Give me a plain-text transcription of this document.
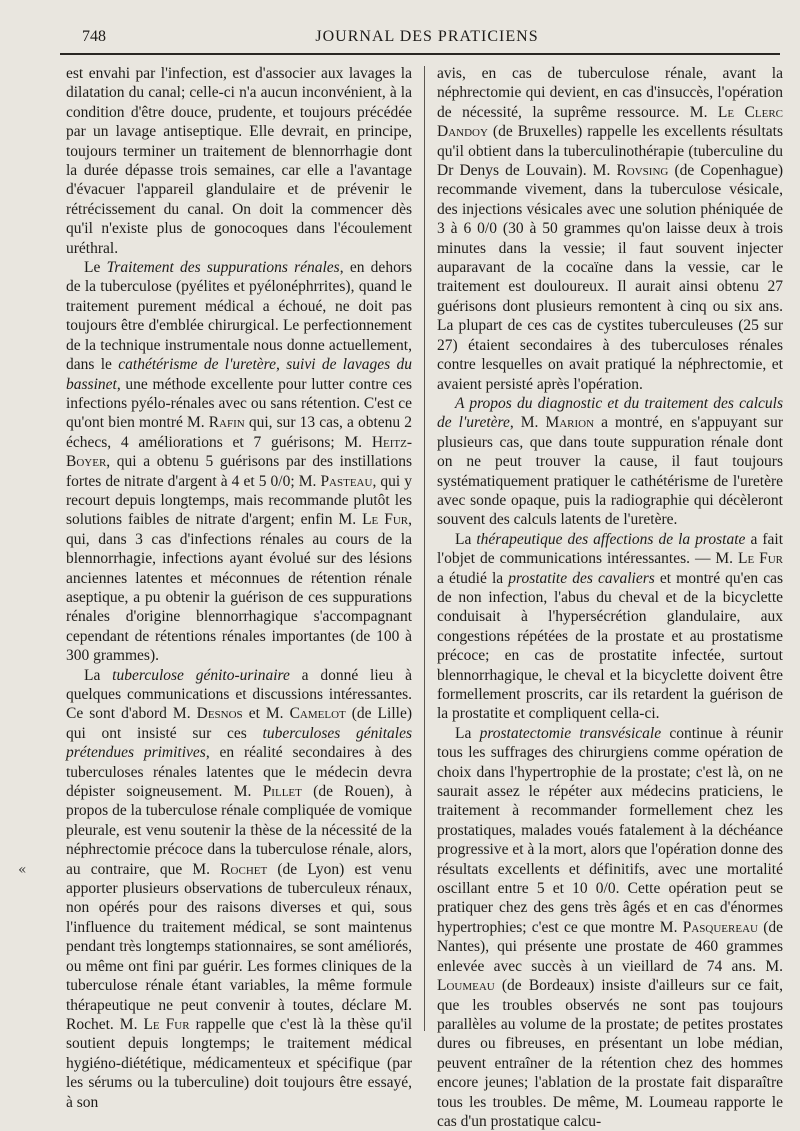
748	JOURNAL DES PRATICIENS
«

est envahi par l'infection, est d'associer aux lavages la dilatation du canal; celle-ci n'a aucun inconvénient, à la condition d'être douce, prudente, et toujours précédée par un lavage antiseptique. Elle devrait, en principe, toujours terminer un traitement de blennorrhagie dont la durée dépasse trois semaines, car elle a l'avantage d'évacuer l'appareil glandulaire et de prévenir le rétrécissement du canal. On doit la commencer dès qu'il n'existe plus de gonocoques dans l'écoulement uréthral.

Le Traitement des suppurations rénales, en dehors de la tuberculose (pyélites et pyélonéphrrites), quand le traitement purement médical a échoué, ne doit pas toujours être d'emblée chirurgical. Le perfectionnement de la technique instrumentale nous donne actuellement, dans le cathétérisme de l'uretère, suivi de lavages du bassinet, une méthode excellente pour lutter contre ces infections pyélo-rénales avec ou sans rétention. C'est ce qu'ont bien montré M. Rafin qui, sur 13 cas, a obtenu 2 échecs, 4 améliorations et 7 guérisons; M. Heitz-Boyer, qui a obtenu 5 guérisons par des instillations fortes de nitrate d'argent à 4 et 5 0/0; M. Pasteau, qui y recourt depuis longtemps, mais recommande plutôt les solutions faibles de nitrate d'argent; enfin M. Le Fur, qui, dans 3 cas d'infections rénales au cours de la blennorrhagie, infections ayant évolué sur des lésions anciennes latentes et méconnues de rétention rénale aseptique, a pu obtenir la guérison de ces suppurations rénales d'origine blennorrhagique s'accompagnant cependant de rétentions rénales importantes (de 100 à 300 grammes).

La tuberculose génito-urinaire a donné lieu à quelques communications et discussions intéressantes. Ce sont d'abord M. Desnos et M. Camelot (de Lille) qui ont insisté sur ces tuberculoses génitales prétendues primitives, en réalité secondaires à des tuberculoses rénales latentes que le médecin devra dépister soigneusement. M. Pillet (de Rouen), à propos de la tuberculose rénale compliquée de vomique pleurale, est venu soutenir la thèse de la nécessité de la néphrectomie précoce dans la tuberculose rénale, alors, au contraire, que M. Rochet (de Lyon) est venu apporter plusieurs observations de tuberculeux rénaux, non opérés pour des raisons diverses et qui, sous l'influence du traitement médical, se sont maintenus pendant très longtemps stationnaires, se sont améliorés, ou même ont fini par guérir. Les formes cliniques de la tuberculose rénale étant variables, la même formule thérapeutique ne peut convenir à toutes, déclare M. Rochet. M. Le Fur rappelle que c'est là la thèse qu'il soutient depuis longtemps; le traitement médical hygiéno-diététique, médicamenteux et spécifique (par les sérums ou la tuberculine) doit toujours être essayé, à son

avis, en cas de tuberculose rénale, avant la néphrectomie qui devient, en cas d'insuccès, l'opération de nécessité, la suprême ressource. M. Le Clerc Dandoy (de Bruxelles) rappelle les excellents résultats qu'il obtient dans la tuberculinothérapie (tuberculine du Dr Denys de Louvain). M. Rovsing (de Copenhague) recommande vivement, dans la tuberculose vésicale, des injections vésicales avec une solution phéniquée de 3 à 6 0/0 (30 à 50 grammes qu'on laisse deux à trois minutes dans la vessie; il faut souvent injecter auparavant de la cocaïne dans la vessie, car le traitement est douloureux. Il aurait ainsi obtenu 27 guérisons dont plusieurs remontent à cinq ou six ans. La plupart de ces cas de cystites tuberculeuses (25 sur 27) étaient secondaires à des tuberculoses rénales contre lesquelles on avait pratiqué la néphrectomie, et avaient persisté après l'opération.

A propos du diagnostic et du traitement des calculs de l'uretère, M. Marion a montré, en s'appuyant sur plusieurs cas, que dans toute suppuration rénale dont on ne peut trouver la cause, il faut toujours systématiquement pratiquer le cathétérisme de l'uretère avec sonde opaque, puis la radiographie qui décèleront souvent des calculs latents de l'uretère.

La thérapeutique des affections de la prostate a fait l'objet de communications intéressantes. — M. Le Fur a étudié la prostatite des cavaliers et montré qu'en cas de non infection, l'abus du cheval et de la bicyclette conduisait à l'hypersécrétion glandulaire, aux congestions répétées de la prostate et au prostatisme précoce; en cas de prostatite infectée, surtout blennorrhagique, le cheval et la bicyclette doivent être formellement proscrits, car ils retardent la guérison de la prostatite et compliquent cella-ci.

La prostatectomie transvésicale continue à réunir tous les suffrages des chirurgiens comme opération de choix dans l'hypertrophie de la prostate; c'est là, on ne saurait assez le répéter aux médecins praticiens, le traitement à recommander formellement chez les prostatiques, malades voués fatalement à la déchéance progressive et à la mort, alors que l'opération donne des résultats excellents et définitifs, avec une mortalité oscillant entre 5 et 10 0/0. Cette opération peut se pratiquer chez des gens très âgés et en cas d'énormes hypertrophies; c'est ce que montre M. Pasquereau (de Nantes), qui présente une prostate de 460 grammes enlevée avec succès à un vieillard de 74 ans. M. Loumeau (de Bordeaux) insiste d'ailleurs sur ce fait, que les troubles observés ne sont pas toujours parallèles au volume de la prostate; de petites prostates dures ou fibreuses, en présentant un lobe médian, peuvent entraîner de la rétention chez des hommes encore jeunes; l'ablation de la prostate fait disparaître tous les troubles. De même, M. Loumeau rapporte le cas d'un prostatique calcu-
